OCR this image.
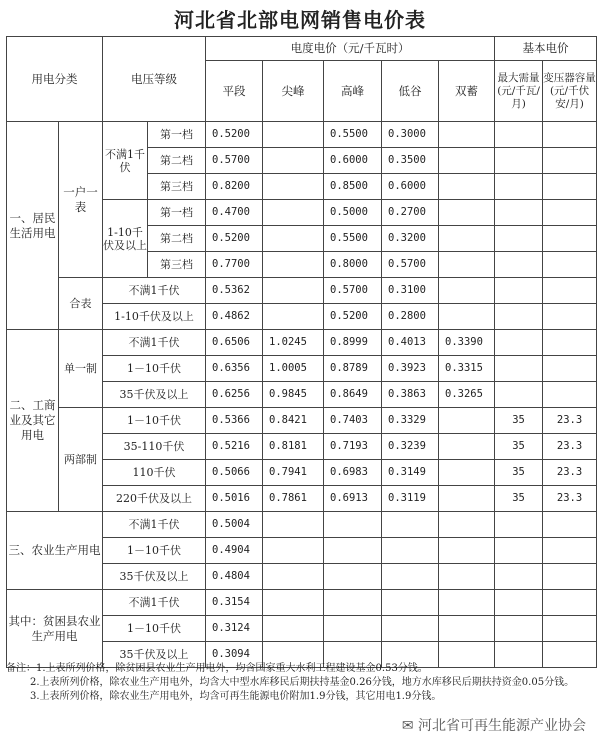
河北省北部电网销售电价表
用电分类		电压等级		电度电价（元/千瓦时）					基本电价	
				平段	尖峰	高峰	低谷	双蓄	最大需量(元/千瓦/月)	变压器容量(元/千伏安/月)
一、居民生活用电	一户一表	不满1千伏	第一档	0.5200		0.5500	0.3000			
			第二档	0.5700		0.6000	0.3500			
			第三档	0.8200		0.8500	0.6000			
		1-10千伏及以上	第一档	0.4700		0.5000	0.2700			
			第二档	0.5200		0.5500	0.3200			
			第三档	0.7700		0.8000	0.5700			
	合表	不满1千伏		0.5362		0.5700	0.3100			
		1-10千伏及以上		0.4862		0.5200	0.2800			
二、工商业及其它用电	单一制	不满1千伏		0.6506	1.0245	0.8999	0.4013	0.3390		
		1－10千伏		0.6356	1.0005	0.8789	0.3923	0.3315		
		35千伏及以上		0.6256	0.9845	0.8649	0.3863	0.3265		
	两部制	1－10千伏		0.5366	0.8421	0.7403	0.3329		35	23.3
		35-110千伏		0.5216	0.8181	0.7193	0.3239		35	23.3
		110千伏		0.5066	0.7941	0.6983	0.3149		35	23.3
		220千伏及以上		0.5016	0.7861	0.6913	0.3119		35	23.3
三、农业生产用电		不满1千伏		0.5004						
		1－10千伏		0.4904						
		35千伏及以上		0.4804						
其中：贫困县农业生产用电		不满1千伏		0.3154						
		1－10千伏		0.3124						
		35千伏及以上		0.3094						

备注：1.上表所列价格，除贫困县农业生产用电外，均含国家重大水利工程建设基金0.53分钱。

2.上表所列价格，除农业生产用电外，均含大中型水库移民后期扶持基金0.26分钱，地方水库移民后期扶持资金0.05分钱。

3.上表所列价格，除农业生产用电外，均含可再生能源电价附加1.9分钱，其它用电1.9分钱。

✉ 河北省可再生能源产业协会
